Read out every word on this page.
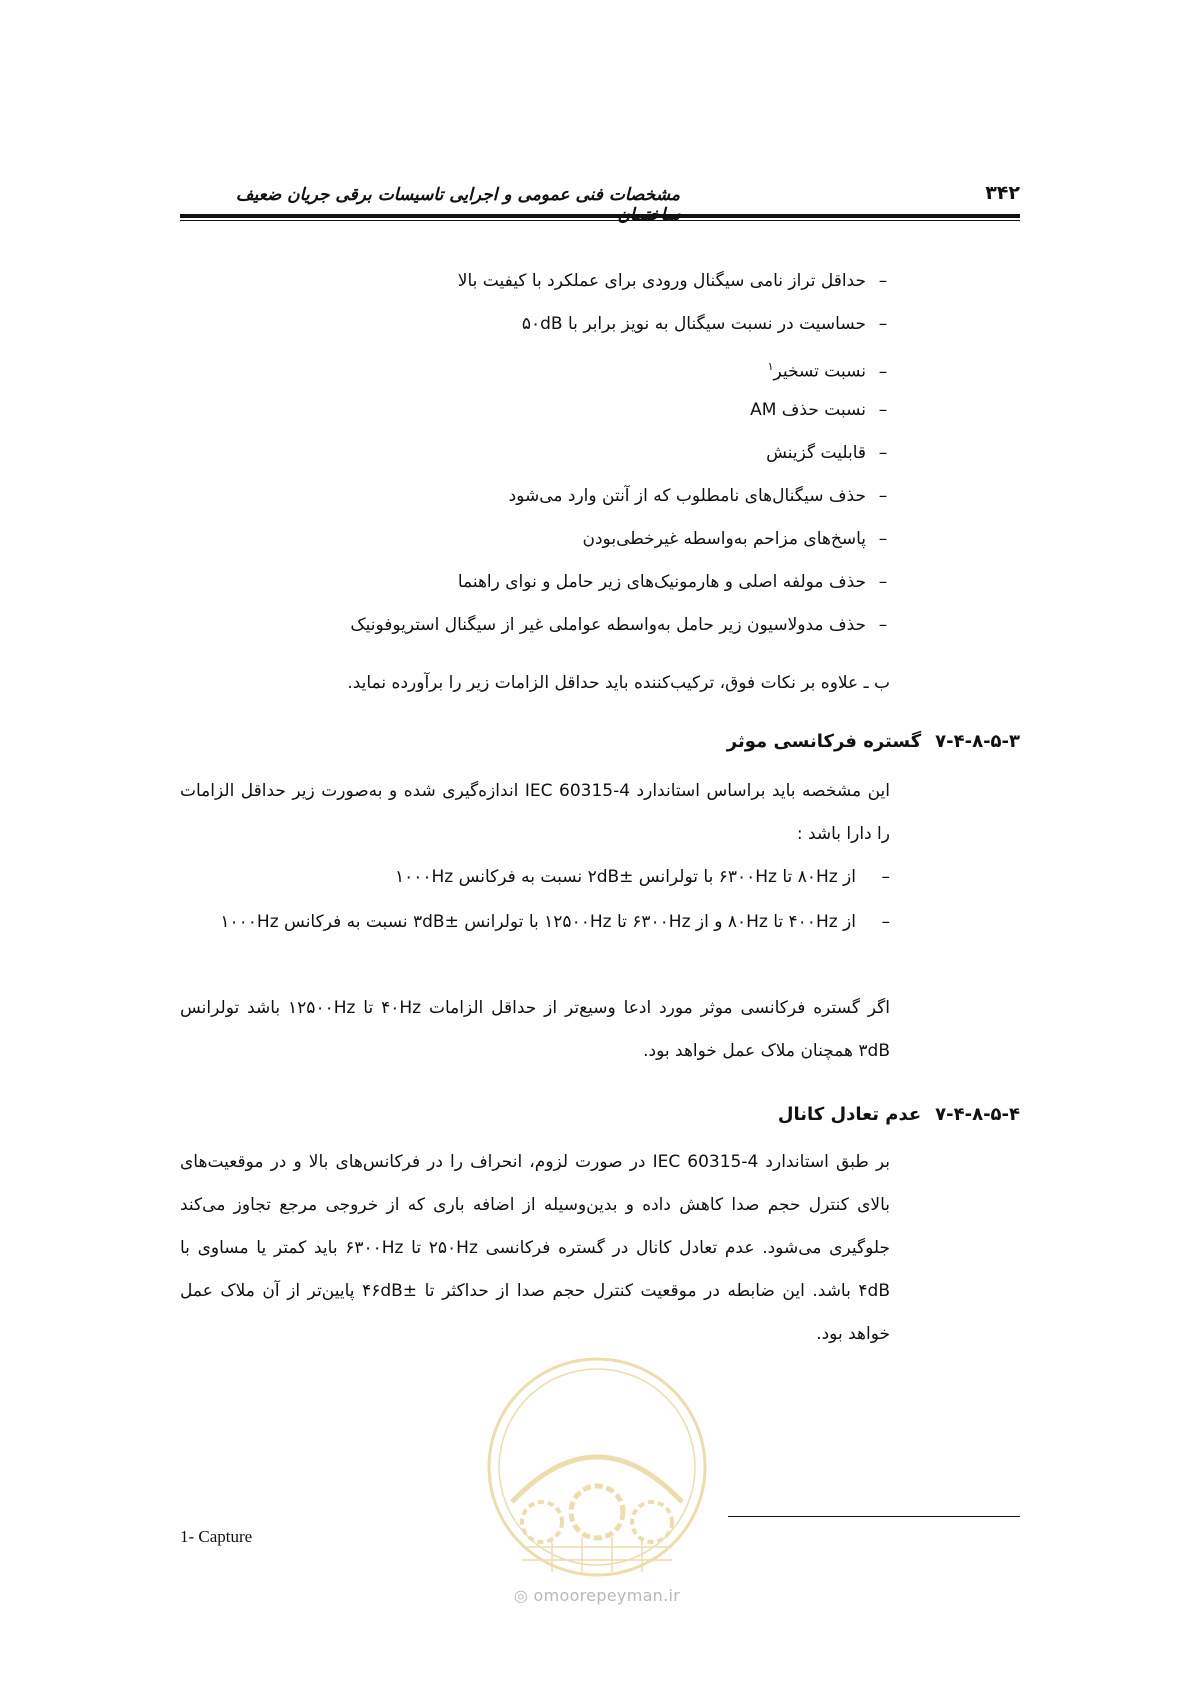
مشخصات فنی عمومی و اجرایی تاسیسات برقی جریان ضعیف	۳۴۲
–حداقل تراز نامی سیگنال ورودی برای عملکرد با کیفیت بالا
–حساسیت در نسبت سیگنال به نویز برابر با ۵۰dB
–نسبت تسخیر$^۱$
–نسبت حذف AM
–قابلیت گزینش
–حذف سیگنال‌های نامطلوب که از آنتن وارد می‌شود
–پاسخ‌های مزاحم به‌واسطه غیرخطی‌بودن
–حذف مولفه اصلی و هارمونیک‌های زیر حامل و نوای راهنما
–حذف مدولاسیون زیر حامل به‌واسطه عواملی غیر از سیگنال استریوفونیک

ب ـ علاوه بر نکات فوق، ترکیب‌کننده باید حداقل الزامات زیر را برآورده نماید.

۷-۴-۸-۵-۳گستره فرکانسی موثر

این مشخصه باید براساس استاندارد IEC 60315-4 اندازه‌گیری شده و به‌صورت زیر حداقل الزامات را دارا باشد :

–
از ۸۰Hz تا ۶۳۰۰Hz با تولرانس ±۲dB نسبت به فرکانس ۱۰۰۰Hz
–
از ۴۰۰Hz تا ۸۰Hz و از ۶۳۰۰Hz تا ۱۲۵۰۰Hz با تولرانس ±۳dB نسبت به فرکانس ۱۰۰۰Hz

اگر گستره فرکانسی موثر مورد ادعا وسیع‌تر از حداقل الزامات ۴۰Hz تا ۱۲۵۰۰Hz باشد تولرانس ۳dB همچنان ملاک عمل خواهد بود.

۷-۴-۸-۵-۴عدم تعادل کانال

بر طبق استاندارد IEC 60315-4 در صورت لزوم، انحراف را در فرکانس‌های بالا و در موقعیت‌های بالای کنترل حجم صدا کاهش داده و بدین‌وسیله از اضافه باری که از خروجی مرجع تجاوز می‌کند جلوگیری می‌شود. عدم تعادل کانال در گستره فرکانسی ۲۵۰Hz تا ۶۳۰۰Hz باید کمتر یا مساوی با ۴dB باشد. این ضابطه در موقعیت کنترل حجم صدا از حداکثر تا ±۴۶dB پایین‌تر از آن ملاک عمل خواهد بود.

◎ omoorepeyman.ir
1- Capture
